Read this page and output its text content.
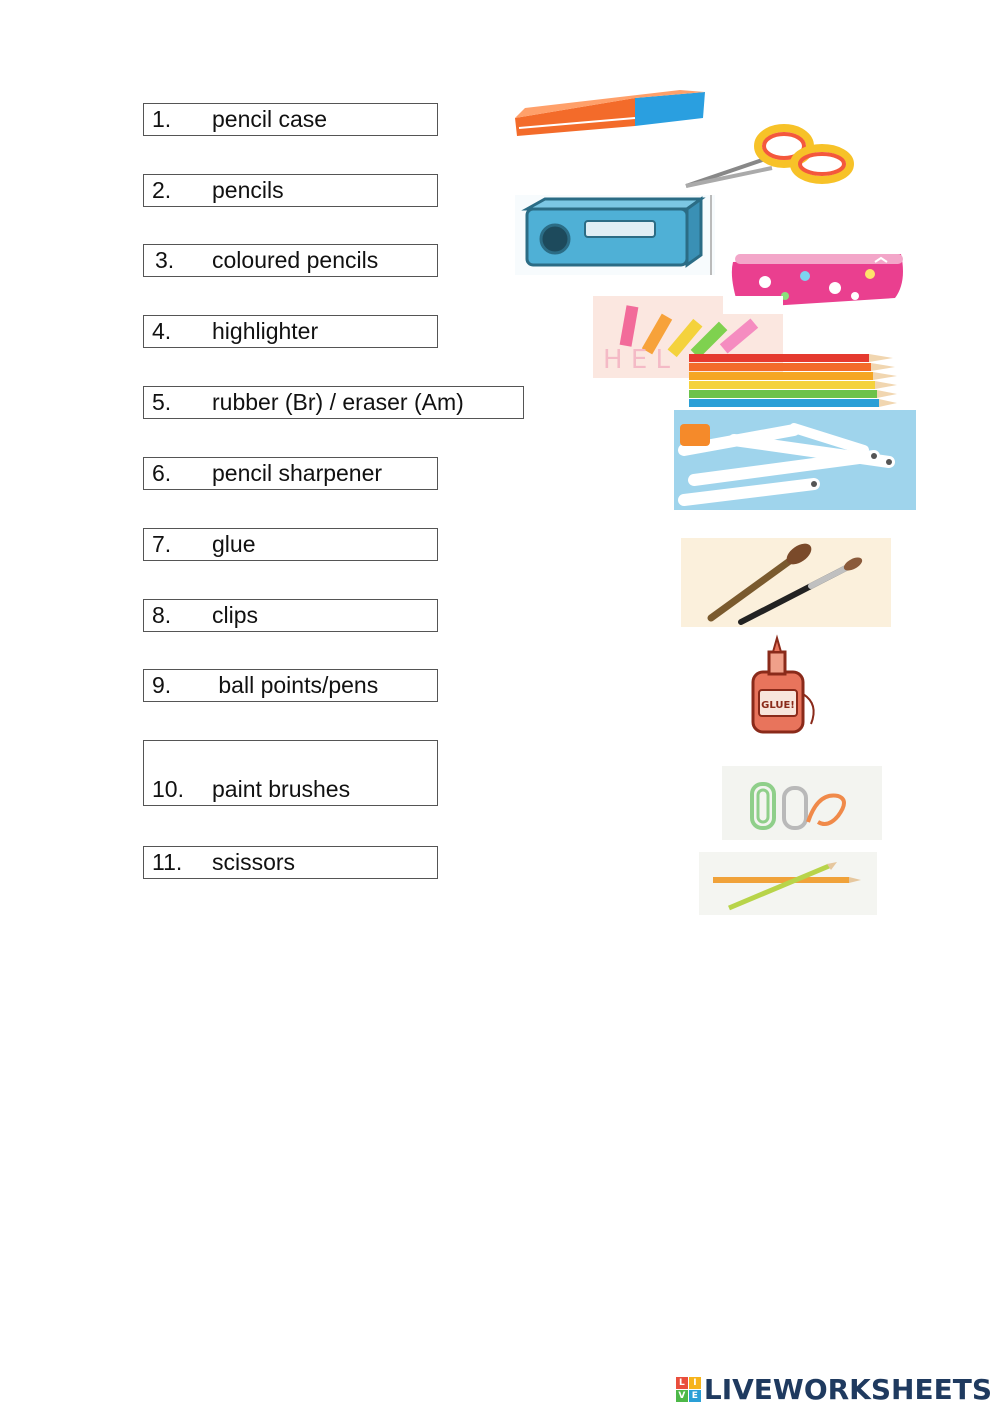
1. pencil case
2. pencils
3. coloured pencils
4. highlighter
5. rubber (Br) / eraser (Am)
6. pencil sharpener
7. glue
8. clips
9. ball points/pens
10. paint brushes
11. scissors
H E L
GLUE!
L I
V E LIVEWORKSHEETS
